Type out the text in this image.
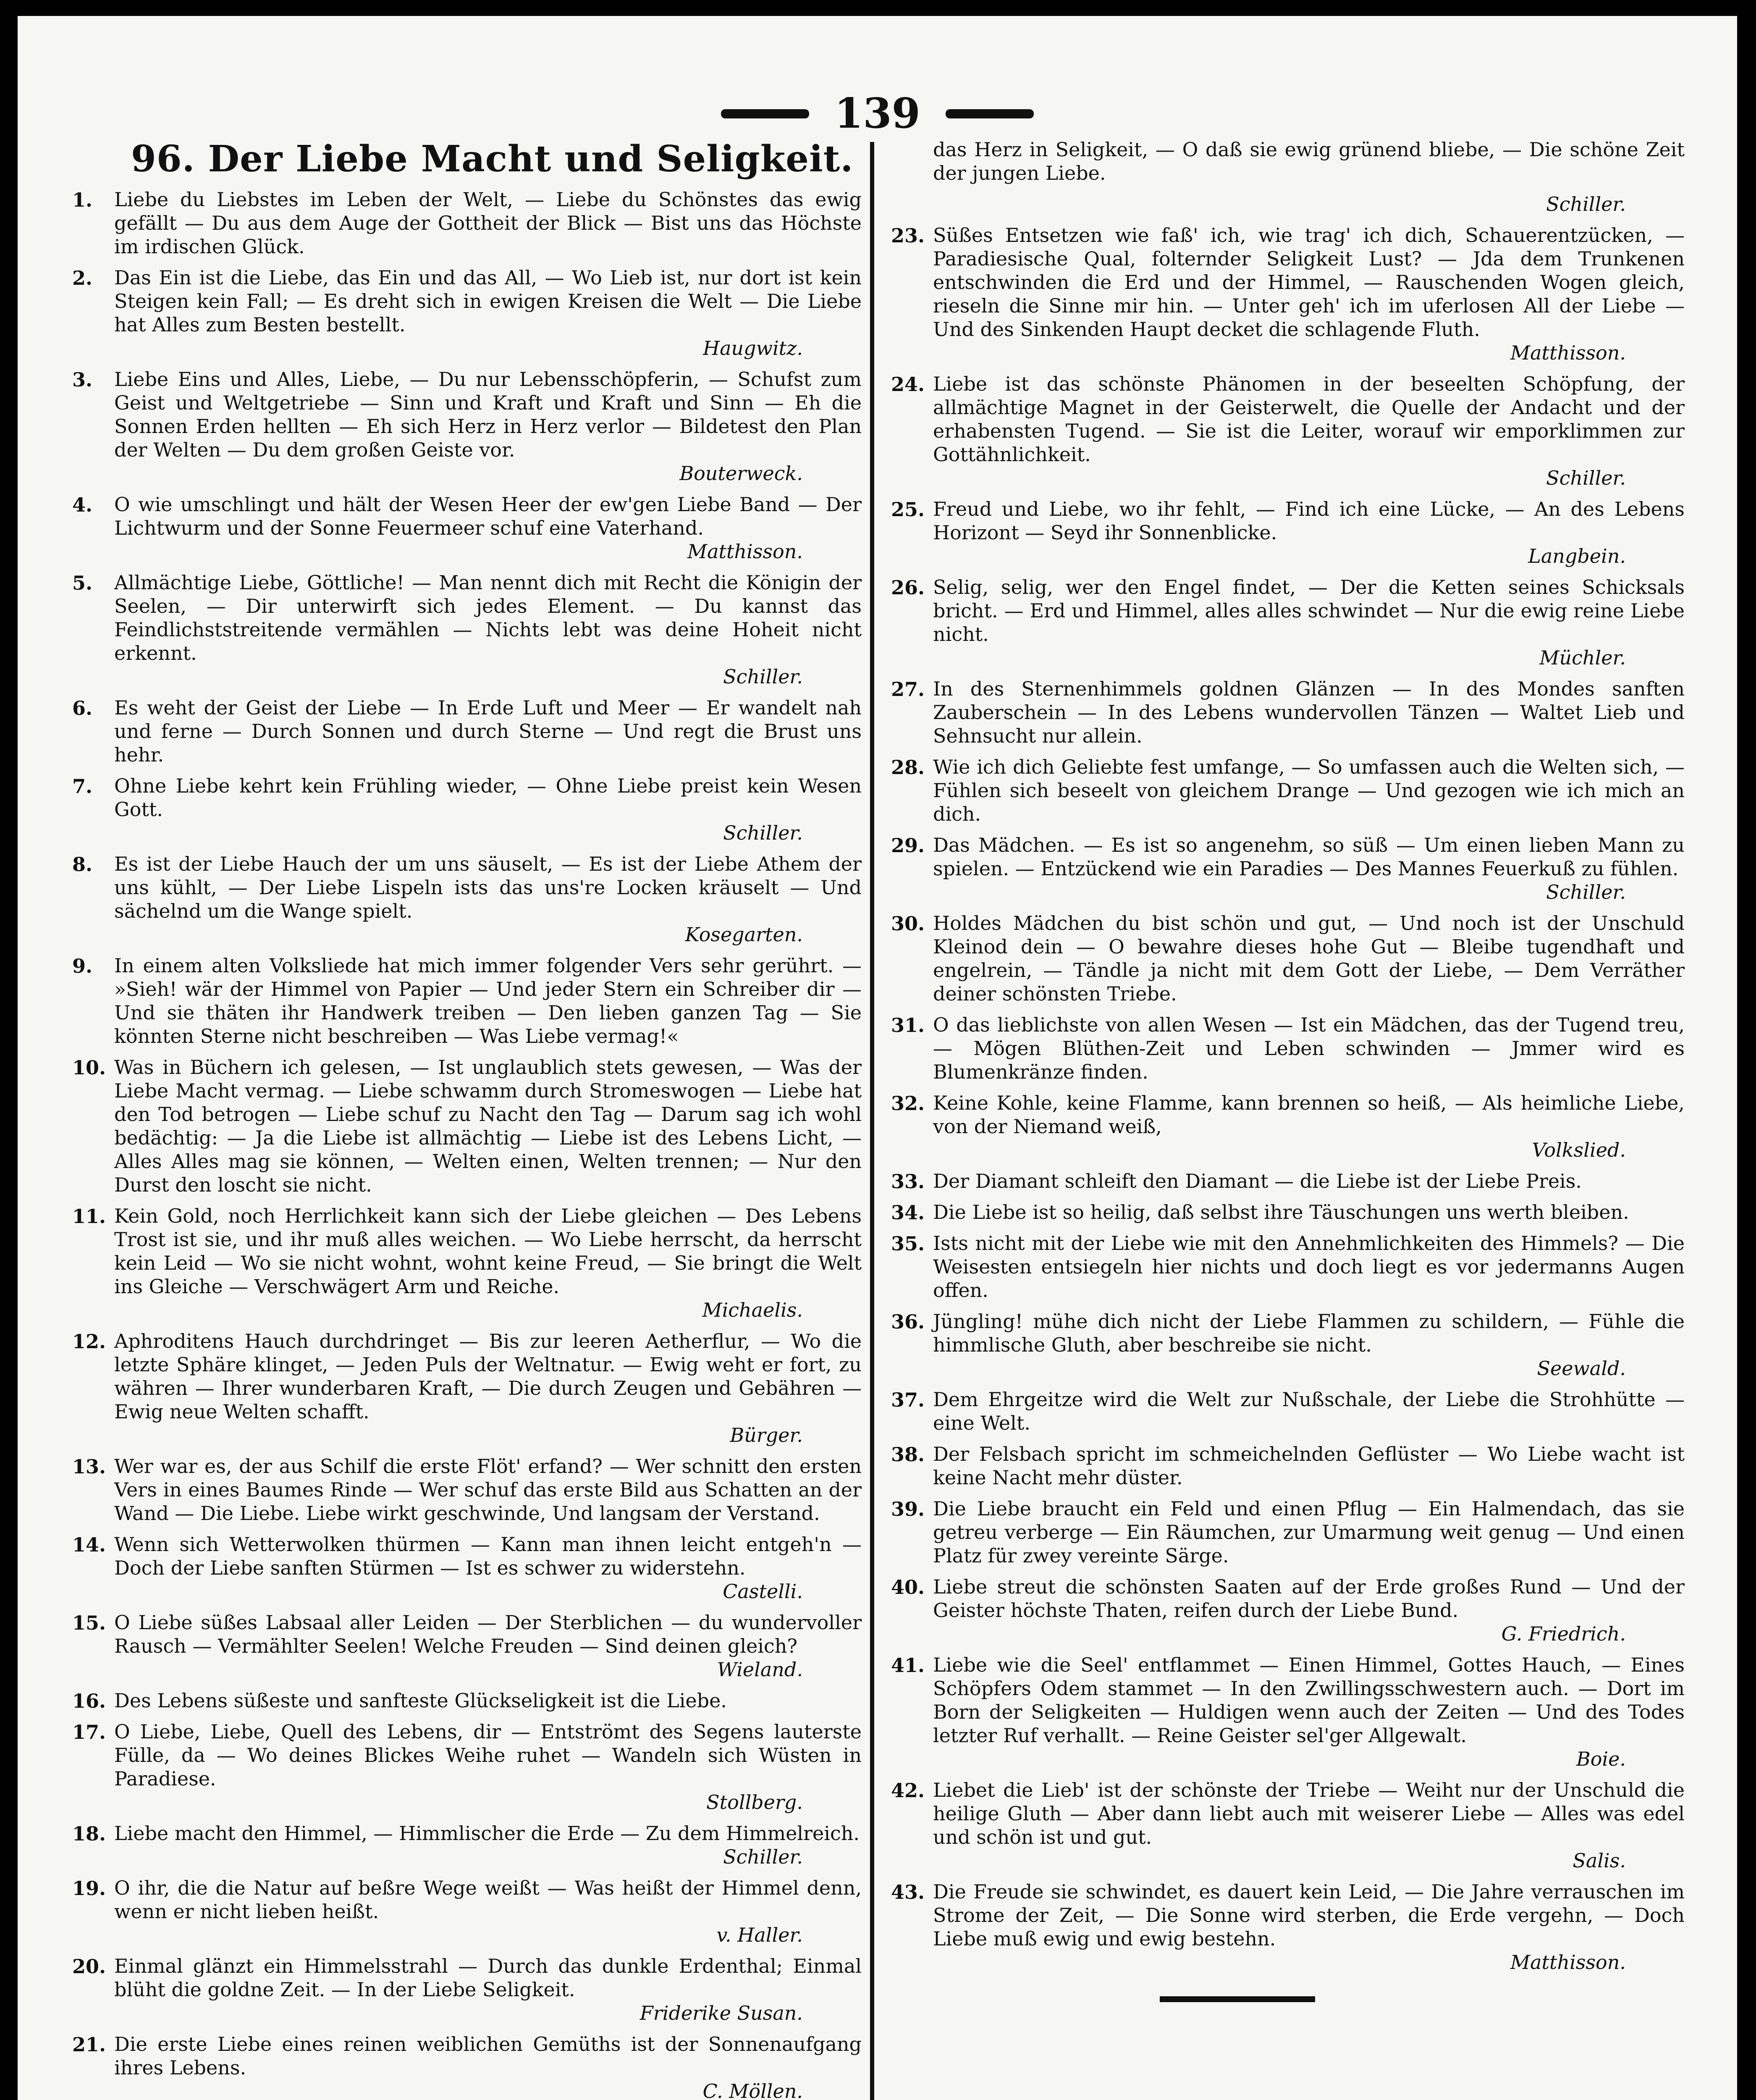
139
96. Der Liebe Macht und Seligkeit.
1.	Liebe du Liebstes im Leben der Welt, — Liebe du Schönstes das ewig gefällt — Du aus dem Auge der Gottheit der Blick — Bist uns das Höchste im irdischen Glück.
2.	Das Ein ist die Liebe, das Ein und das All, — Wo Lieb ist, nur dort ist kein Steigen kein Fall; — Es dreht sich in ewigen Kreisen die Welt — Die Liebe hat Alles zum Besten bestellt.
Haugwitz.
3.	Liebe Eins und Alles, Liebe, — Du nur Lebensschöpferin, — Schufst zum Geist und Weltgetriebe — Sinn und Kraft und Kraft und Sinn — Eh die Sonnen Erden hellten — Eh sich Herz in Herz verlor — Bildetest den Plan der Welten — Du dem großen Geiste vor.
Bouterweck.
4.	O wie umschlingt und hält der Wesen Heer der ew'gen Liebe Band — Der Lichtwurm und der Sonne Feuermeer schuf eine Vaterhand.
Matthisson.
5.	Allmächtige Liebe, Göttliche! — Man nennt dich mit Recht die Königin der Seelen, — Dir unterwirft sich jedes Element. — Du kannst das Feindlichststreitende vermählen — Nichts lebt was deine Hoheit nicht erkennt.
Schiller.
6.	Es weht der Geist der Liebe — In Erde Luft und Meer — Er wandelt nah und ferne — Durch Sonnen und durch Sterne — Und regt die Brust uns hehr.
7.	Ohne Liebe kehrt kein Frühling wieder, — Ohne Liebe preist kein Wesen Gott.
Schiller.
8.	Es ist der Liebe Hauch der um uns säuselt, — Es ist der Liebe Athem der uns kühlt, — Der Liebe Lispeln ists das uns're Locken kräuselt — Und sächelnd um die Wange spielt.
Kosegarten.
9.	In einem alten Volksliede hat mich immer folgender Vers sehr gerührt. — »Sieh! wär der Himmel von Papier — Und jeder Stern ein Schreiber dir — Und sie thäten ihr Handwerk treiben — Den lieben ganzen Tag — Sie könnten Sterne nicht beschreiben — Was Liebe vermag!«
10. Was in Büchern ich gelesen, — Ist unglaublich stets gewesen, — Was der Liebe Macht vermag. — Liebe schwamm durch Stromeswogen — Liebe hat den Tod betrogen — Liebe schuf zu Nacht den Tag — Darum sag ich wohl bedächtig: — Ja die Liebe ist allmächtig — Liebe ist des Lebens Licht, — Alles Alles mag sie können, — Welten einen, Welten trennen; — Nur den Durst den loscht sie nicht.
11. Kein Gold, noch Herrlichkeit kann sich der Liebe gleichen — Des Lebens Trost ist sie, und ihr muß alles weichen. — Wo Liebe herrscht, da herrscht kein Leid — Wo sie nicht wohnt, wohnt keine Freud, — Sie bringt die Welt ins Gleiche — Verschwägert Arm und Reiche.
Michaelis.
12. Aphroditens Hauch durchdringet — Bis zur leeren Aetherflur, — Wo die letzte Sphäre klinget, — Jeden Puls der Weltnatur. — Ewig weht er fort, zu währen — Ihrer wunderbaren Kraft, — Die durch Zeugen und Gebähren — Ewig neue Welten schafft.
Bürger.
13. Wer war es, der aus Schilf die erste Flöt' erfand? — Wer schnitt den ersten Vers in eines Baumes Rinde — Wer schuf das erste Bild aus Schatten an der Wand — Die Liebe. Liebe wirkt geschwinde, Und langsam der Verstand.
14. Wenn sich Wetterwolken thürmen — Kann man ihnen leicht entgeh'n — Doch der Liebe sanften Stürmen — Ist es schwer zu widerstehn.
Castelli.
15. O Liebe süßes Labsaal aller Leiden — Der Sterblichen — du wundervoller Rausch — Vermählter Seelen! Welche Freuden — Sind deinen gleich?
Wieland.
16. Des Lebens süßeste und sanfteste Glückseligkeit ist die Liebe.
17. O Liebe, Liebe, Quell des Lebens, dir — Entströmt des Segens lauterste Fülle, da — Wo deines Blickes Weihe ruhet — Wandeln sich Wüsten in Paradiese.
Stollberg.
18. Liebe macht den Himmel, — Himmlischer die Erde — Zu dem Himmelreich.
Schiller.
19. O ihr, die die Natur auf beßre Wege weißt — Was heißt der Himmel denn, wenn er nicht lieben heißt.
v. Haller.
20. Einmal glänzt ein Himmelsstrahl — Durch das dunkle Erdenthal; Einmal blüht die goldne Zeit. — In der Liebe Seligkeit.
Friderike Susan.
21. Die erste Liebe eines reinen weiblichen Gemüths ist der Sonnenaufgang ihres Lebens.
C. Möllen.
das Herz in Seligkeit, — O daß sie ewig grünend bliebe, — Die schöne Zeit der jungen Liebe.
Schiller.
23. Süßes Entsetzen wie faß' ich, wie trag' ich dich, Schauerentzücken, — Paradiesische Qual, folternder Seligkeit Lust? — Jda dem Trunkenen entschwinden die Erd und der Himmel, — Rauschenden Wogen gleich, rieseln die Sinne mir hin. — Unter geh' ich im uferlosen All der Liebe — Und des Sinkenden Haupt decket die schlagende Fluth.
Matthisson.
24. Liebe ist das schönste Phänomen in der beseelten Schöpfung, der allmächtige Magnet in der Geisterwelt, die Quelle der Andacht und der erhabensten Tugend. — Sie ist die Leiter, worauf wir emporklimmen zur Gottähnlichkeit.
Schiller.
25. Freud und Liebe, wo ihr fehlt, — Find ich eine Lücke, — An des Lebens Horizont — Seyd ihr Sonnenblicke.
Langbein.
26. Selig, selig, wer den Engel findet, — Der die Ketten seines Schicksals bricht. — Erd und Himmel, alles alles schwindet — Nur die ewig reine Liebe nicht.
Müchler.
27. In des Sternenhimmels goldnen Glänzen — In des Mondes sanften Zauberschein — In des Lebens wundervollen Tänzen — Waltet Lieb und Sehnsucht nur allein.
28. Wie ich dich Geliebte fest umfange, — So umfassen auch die Welten sich, — Fühlen sich beseelt von gleichem Drange — Und gezogen wie ich mich an dich.
29. Das Mädchen. — Es ist so angenehm, so süß — Um einen lieben Mann zu spielen. — Entzückend wie ein Paradies — Des Mannes Feuerkuß zu fühlen.
Schiller.
30. Holdes Mädchen du bist schön und gut, — Und noch ist der Unschuld Kleinod dein — O bewahre dieses hohe Gut — Bleibe tugendhaft und engelrein, — Tändle ja nicht mit dem Gott der Liebe, — Dem Verräther deiner schönsten Triebe.
31. O das lieblichste von allen Wesen — Ist ein Mädchen, das der Tugend treu, — Mögen Blüthen-Zeit und Leben schwinden — Jmmer wird es Blumenkränze finden.
32. Keine Kohle, keine Flamme, kann brennen so heiß, — Als heimliche Liebe, von der Niemand weiß,
Volkslied.
33. Der Diamant schleift den Diamant — die Liebe ist der Liebe Preis.
34. Die Liebe ist so heilig, daß selbst ihre Täuschungen uns werth bleiben.
35. Ists nicht mit der Liebe wie mit den Annehmlichkeiten des Himmels? — Die Weisesten entsiegeln hier nichts und doch liegt es vor jedermanns Augen offen.
36. Jüngling! mühe dich nicht der Liebe Flammen zu schildern, — Fühle die himmlische Gluth, aber beschreibe sie nicht.
Seewald.
37. Dem Ehrgeitze wird die Welt zur Nußschale, der Liebe die Strohhütte — eine Welt.
38. Der Felsbach spricht im schmeichelnden Geflüster — Wo Liebe wacht ist keine Nacht mehr düster.
39. Die Liebe braucht ein Feld und einen Pflug — Ein Halmendach, das sie getreu verberge — Ein Räumchen, zur Umarmung weit genug — Und einen Platz für zwey vereinte Särge.
40. Liebe streut die schönsten Saaten auf der Erde großes Rund — Und der Geister höchste Thaten, reifen durch der Liebe Bund.
G. Friedrich.
41. Liebe wie die Seel' entflammet — Einen Himmel, Gottes Hauch, — Eines Schöpfers Odem stammet — In den Zwillingsschwestern auch. — Dort im Born der Seligkeiten — Huldigen wenn auch der Zeiten — Und des Todes letzter Ruf verhallt. — Reine Geister sel'ger Allgewalt.
Boie.
42. Liebet die Lieb' ist der schönste der Triebe — Weiht nur der Unschuld die heilige Gluth — Aber dann liebt auch mit weiserer Liebe — Alles was edel und schön ist und gut.
Salis.
43. Die Freude sie schwindet, es dauert kein Leid, — Die Jahre verrauschen im Strome der Zeit, — Die Sonne wird sterben, die Erde vergehn, — Doch Liebe muß ewig und ewig bestehn.
Matthisson.
